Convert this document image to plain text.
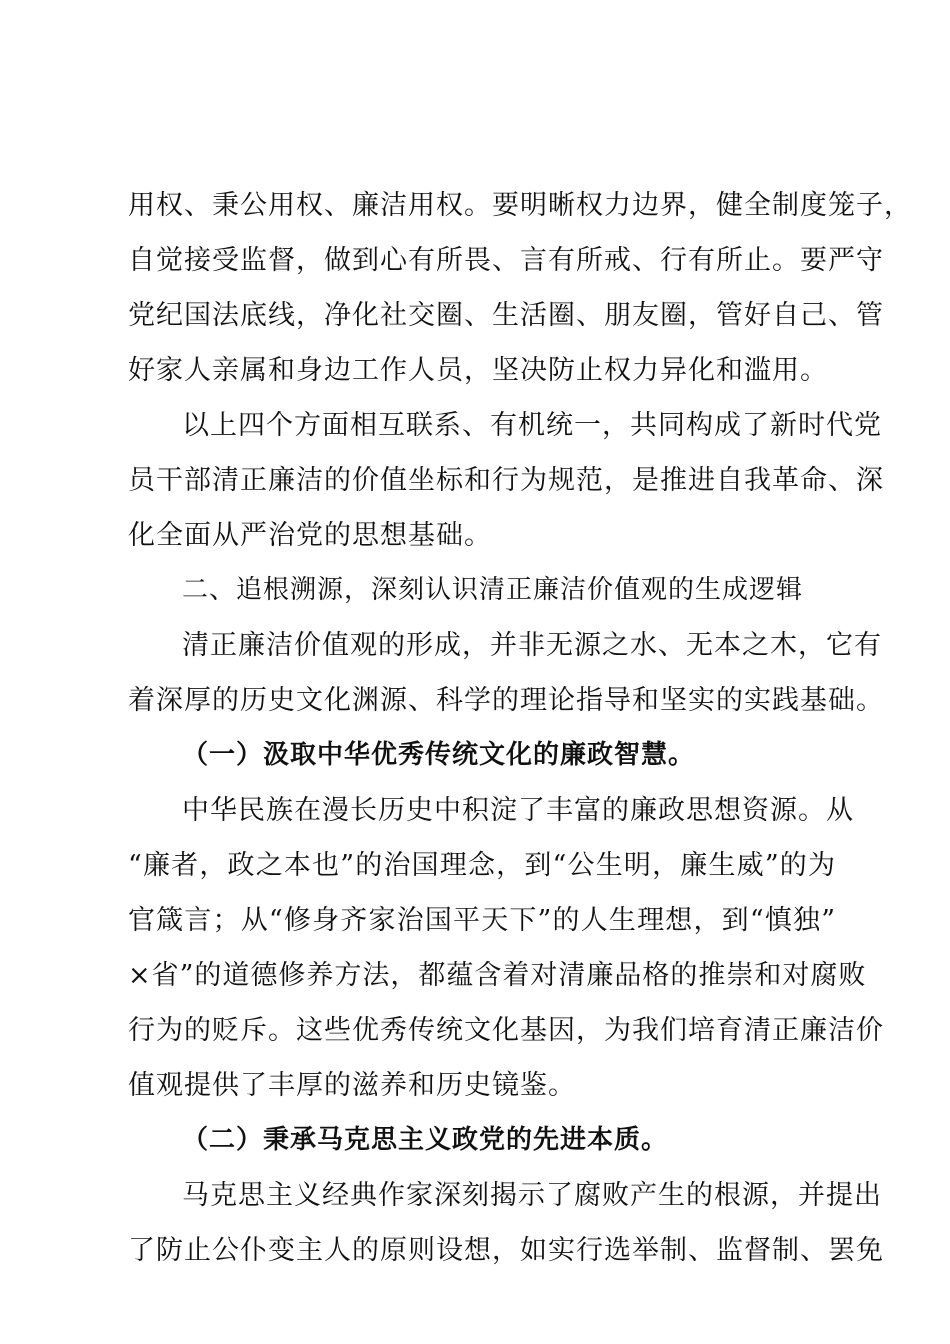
用权、秉公用权、廉洁用权。要明晰权力边界，健全制度笼子，
自觉接受监督，做到心有所畏、言有所戒、行有所止。要严守
党纪国法底线，净化社交圈、生活圈、朋友圈，管好自己、管
好家人亲属和身边工作人员，坚决防止权力异化和滥用。
以上四个方面相互联系、有机统一，共同构成了新时代党
员干部清正廉洁的价值坐标和行为规范，是推进自我革命、深
化全面从严治党的思想基础。
二、追根溯源，深刻认识清正廉洁价值观的生成逻辑
清正廉洁价值观的形成，并非无源之水、无本之木，它有
着深厚的历史文化渊源、科学的理论指导和坚实的实践基础。
（一）汲取中华优秀传统文化的廉政智慧。
中华民族在漫长历史中积淀了丰富的廉政思想资源。从
“廉者，政之本也”的治国理念，到“公生明，廉生威”的为
官箴言；从“修身齐家治国平天下”的人生理想，到“慎独”
×省”的道德修养方法，都蕴含着对清廉品格的推崇和对腐败
行为的贬斥。这些优秀传统文化基因，为我们培育清正廉洁价
值观提供了丰厚的滋养和历史镜鉴。
（二）秉承马克思主义政党的先进本质。
马克思主义经典作家深刻揭示了腐败产生的根源，并提出
了防止公仆变主人的原则设想，如实行选举制、监督制、罢免
